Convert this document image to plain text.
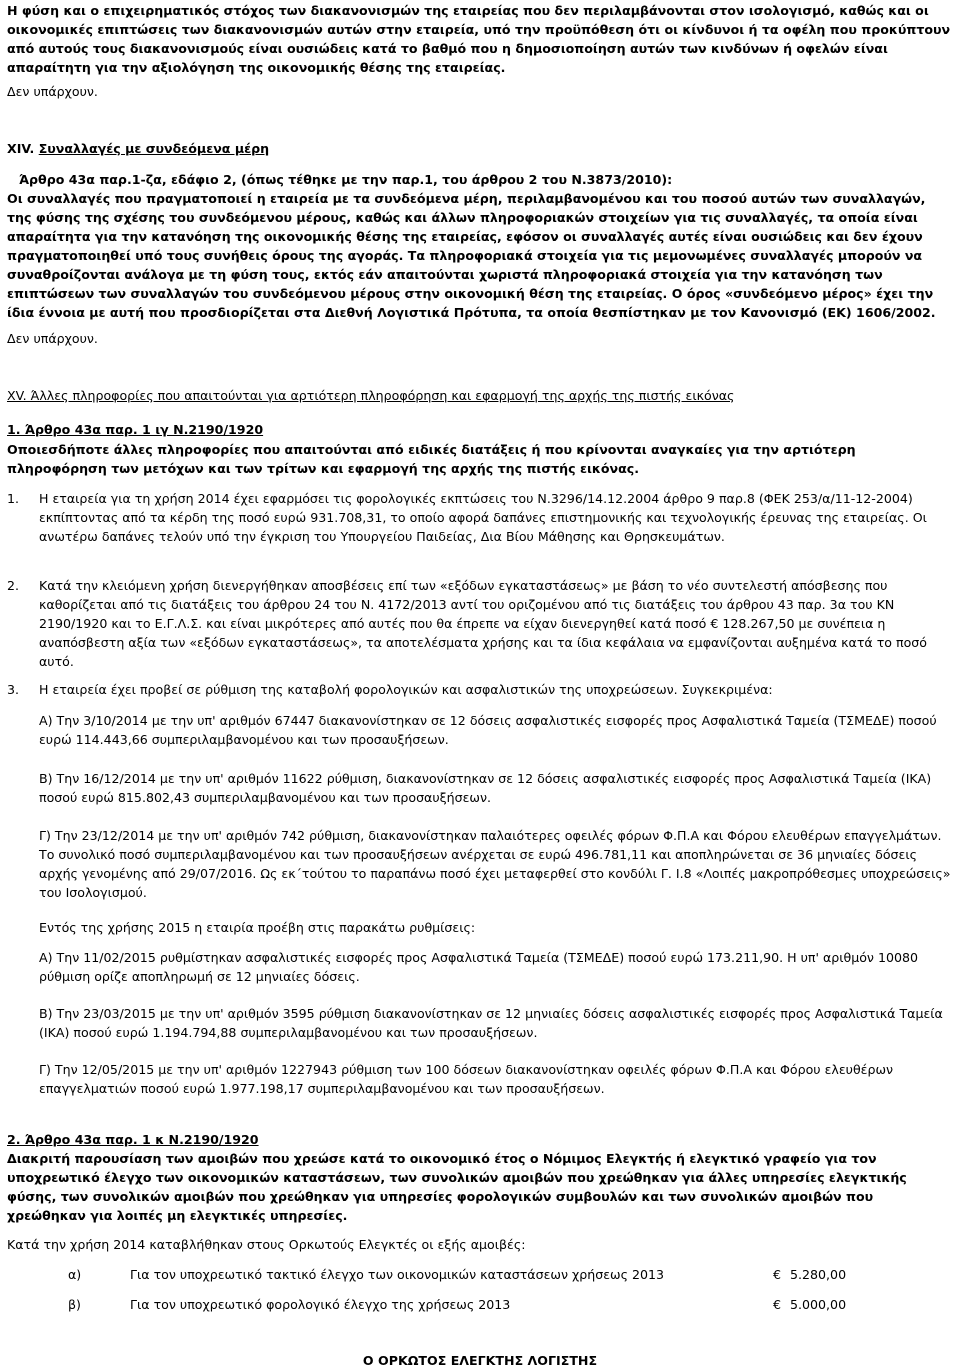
Η φύση και ο επιχειρηματικός στόχος των διακανονισμών της εταιρείας που δεν περιλαμβάνονται στον ισολογισμό, καθώς και οι οικονομικές επιπτώσεις των διακανονισμών αυτών στην εταιρεία, υπό την προϋπόθεση ότι οι κίνδυνοι ή τα οφέλη που προκύπτουν από αυτούς τους διακανονισμούς είναι ουσιώδεις κατά το βαθμό που η δημοσιοποίηση αυτών των κινδύνων ή οφελών είναι απαραίτητη για την αξιολόγηση της οικονομικής θέσης της εταιρείας.

Δεν υπάρχουν.

XIV. Συναλλαγές με συνδεόμενα μέρη

Άρθρο 43α παρ.1-ζα, εδάφιο 2, (όπως τέθηκε με την παρ.1, του άρθρου 2 του Ν.3873/2010):

Οι συναλλαγές που πραγματοποιεί η εταιρεία με τα συνδεόμενα μέρη, περιλαμβανομένου και του ποσού αυτών των συναλλαγών, της φύσης της σχέσης του συνδεόμενου μέρους, καθώς και άλλων πληροφοριακών στοιχείων για τις συναλλαγές, τα οποία είναι απαραίτητα για την κατανόηση της οικονομικής θέσης της εταιρείας, εφόσον οι συναλλαγές αυτές είναι ουσιώδεις και δεν έχουν πραγματοποιηθεί υπό τους συνήθεις όρους της αγοράς. Τα πληροφοριακά στοιχεία για τις μεμονωμένες συναλλαγές μπορούν να συναθροίζονται ανάλογα με τη φύση τους, εκτός εάν απαιτούνται χωριστά πληροφοριακά στοιχεία για την κατανόηση των επιπτώσεων των συναλλαγών του συνδεόμενου μέρους στην οικονομική θέση της εταιρείας. Ο όρος «συνδεόμενο μέρος» έχει την ίδια έννοια με αυτή που προσδιορίζεται στα Διεθνή Λογιστικά Πρότυπα, τα οποία θεσπίστηκαν με τον Κανονισμό (ΕΚ) 1606/2002.

Δεν υπάρχουν.

XV. Άλλες πληροφορίες που απαιτούνται για αρτιότερη πληροφόρηση και εφαρμογή της αρχής της πιστής εικόνας

1. Άρθρο 43α παρ. 1 ιγ Ν.2190/1920

Οποιεσδήποτε άλλες πληροφορίες που απαιτούνται από ειδικές διατάξεις ή που κρίνονται αναγκαίες για την αρτιότερη πληροφόρηση των μετόχων και των τρίτων και εφαρμογή της αρχής της πιστής εικόνας.

1.	Η εταιρεία για τη χρήση 2014 έχει εφαρμόσει τις φορολογικές εκπτώσεις του Ν.3296/14.12.2004 άρθρο 9 παρ.8 (ΦΕΚ 253/α/11-12-2004) εκπίπτοντας από τα κέρδη της ποσό ευρώ 931.708,31, το οποίο αφορά δαπάνες επιστημονικής και τεχνολογικής έρευνας της εταιρείας. Οι ανωτέρω δαπάνες τελούν υπό την έγκριση του Υπουργείου Παιδείας, Δια Βίου Μάθησης και Θρησκευμάτων.

2.	Κατά την κλειόμενη χρήση διενεργήθηκαν αποσβέσεις επί των «εξόδων εγκαταστάσεως» με βάση το νέο συντελεστή απόσβεσης που καθορίζεται από τις διατάξεις του άρθρου 24 του Ν. 4172/2013 αντί του οριζομένου από τις διατάξεις του άρθρου 43 παρ. 3α του ΚΝ 2190/1920 και το Ε.Γ.Λ.Σ. και είναι μικρότερες από αυτές που θα έπρεπε να είχαν διενεργηθεί κατά ποσό € 128.267,50 με συνέπεια η αναπόσβεστη αξία των «εξόδων εγκαταστάσεως», τα αποτελέσματα χρήσης και τα ίδια κεφάλαια να εμφανίζονται αυξημένα κατά το ποσό αυτό.

3.	Η εταιρεία έχει προβεί σε ρύθμιση της καταβολή φορολογικών και ασφαλιστικών της υποχρεώσεων. Συγκεκριμένα:

Α) Την 3/10/2014 με την υπ' αριθμόν 67447 διακανονίστηκαν σε 12 δόσεις ασφαλιστικές εισφορές προς Ασφαλιστικά Ταμεία (ΤΣΜΕΔΕ) ποσού ευρώ 114.443,66 συμπεριλαμβανομένου και των προσαυξήσεων.

Β) Την 16/12/2014 με την υπ' αριθμόν 11622 ρύθμιση, διακανονίστηκαν σε 12 δόσεις ασφαλιστικές εισφορές προς Ασφαλιστικά Ταμεία (ΙΚΑ) ποσού ευρώ 815.802,43 συμπεριλαμβανομένου και των προσαυξήσεων.

Γ) Την 23/12/2014 με την υπ' αριθμόν 742 ρύθμιση, διακανονίστηκαν παλαιότερες οφειλές φόρων Φ.Π.Α και Φόρου ελευθέρων επαγγελμάτων. Το συνολικό ποσό συμπεριλαμβανομένου και των προσαυξήσεων ανέρχεται σε ευρώ 496.781,11 και αποπληρώνεται σε 36 μηνιαίες δόσεις αρχής γενομένης από 29/07/2016. Ως εκ΄τούτου το παραπάνω ποσό έχει μεταφερθεί στο κονδύλι Γ. Ι.8 «Λοιπές μακροπρόθεσμες υποχρεώσεις» του Ισολογισμού.

Εντός της χρήσης 2015 η εταιρία προέβη στις παρακάτω ρυθμίσεις:

Α) Την 11/02/2015 ρυθμίστηκαν ασφαλιστικές εισφορές προς Ασφαλιστικά Ταμεία (ΤΣΜΕΔΕ) ποσού ευρώ 173.211,90. Η υπ' αριθμόν 10080 ρύθμιση ορίζε αποπληρωμή σε 12 μηνιαίες δόσεις.

Β) Την 23/03/2015 με την υπ' αριθμόν 3595 ρύθμιση διακανονίστηκαν σε 12 μηνιαίες δόσεις ασφαλιστικές εισφορές προς Ασφαλιστικά Ταμεία (ΙΚΑ) ποσού ευρώ 1.194.794,88 συμπεριλαμβανομένου και των προσαυξήσεων.

Γ) Την 12/05/2015 με την υπ' αριθμόν 1227943 ρύθμιση των 100 δόσεων διακανονίστηκαν οφειλές φόρων Φ.Π.Α και Φόρου ελευθέρων επαγγελματιών ποσού ευρώ 1.977.198,17 συμπεριλαμβανομένου και των προσαυξήσεων.

2. Άρθρο 43α παρ. 1 κ Ν.2190/1920

Διακριτή παρουσίαση των αμοιβών που χρεώσε κατά το οικονομικό έτος ο Νόμιμος Ελεγκτής ή ελεγκτικό γραφείο για τον υποχρεωτικό έλεγχο των οικονομικών καταστάσεων, των συνολικών αμοιβών που χρεώθηκαν για άλλες υπηρεσίες ελεγκτικής φύσης, των συνολικών αμοιβών που χρεώθηκαν για υπηρεσίες φορολογικών συμβουλών και των συνολικών αμοιβών που χρεώθηκαν για λοιπές μη ελεγκτικές υπηρεσίες.

Κατά την χρήση 2014 καταβλήθηκαν στους Ορκωτούς Ελεγκτές οι εξής αμοιβές:

α)	Για τον υποχρεωτικό τακτικό έλεγχο των οικονομικών καταστάσεων χρήσεως 2013	€ 5.280,00
β)	Για τον υποχρεωτικό φορολογικό έλεγχο της χρήσεως 2013	€ 5.000,00

Ο ΟΡΚΩΤΟΣ ΕΛΕΓΚΤΗΣ ΛΟΓΙΣΤΗΣ
